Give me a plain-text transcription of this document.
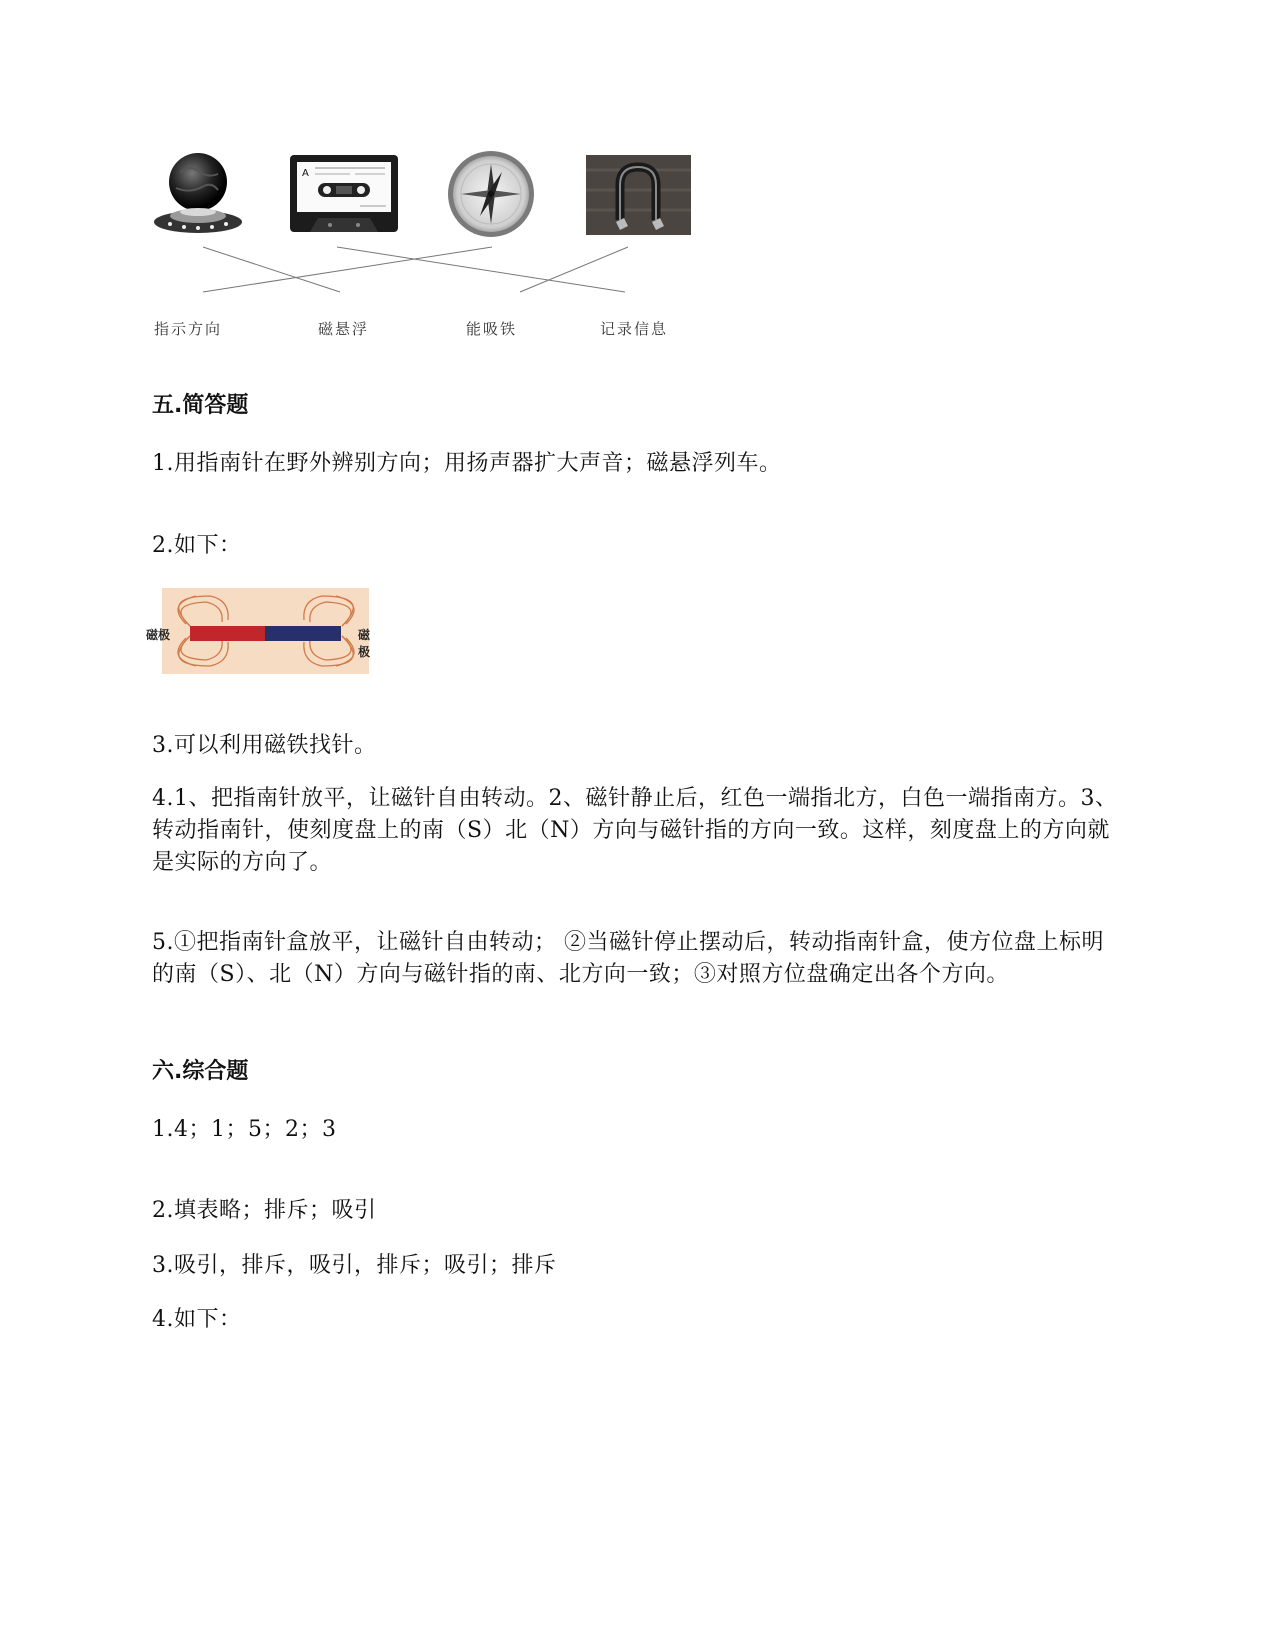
A
指示方向	磁悬浮	能吸铁	记录信息
五.简答题
1.用指南针在野外辨别方向；用扬声器扩大声音；磁悬浮列车。
2.如下：
磁极	磁极
3.可以利用磁铁找针。
4.1、把指南针放平，让磁针自由转动。2、磁针静止后，红色一端指北方，白色一端指南方。3、转动指南针，使刻度盘上的南（S）北（N）方向与磁针指的方向一致。这样，刻度盘上的方向就是实际的方向了。
5.①把指南针盒放平，让磁针自由转动； ②当磁针停止摆动后，转动指南针盒，使方位盘上标明的南（S）、北（N）方向与磁针指的南、北方向一致；③对照方位盘确定出各个方向。
六.综合题
1.4；1；5；2；3
2.填表略；排斥；吸引
3.吸引，排斥，吸引，排斥；吸引；排斥
4.如下：
